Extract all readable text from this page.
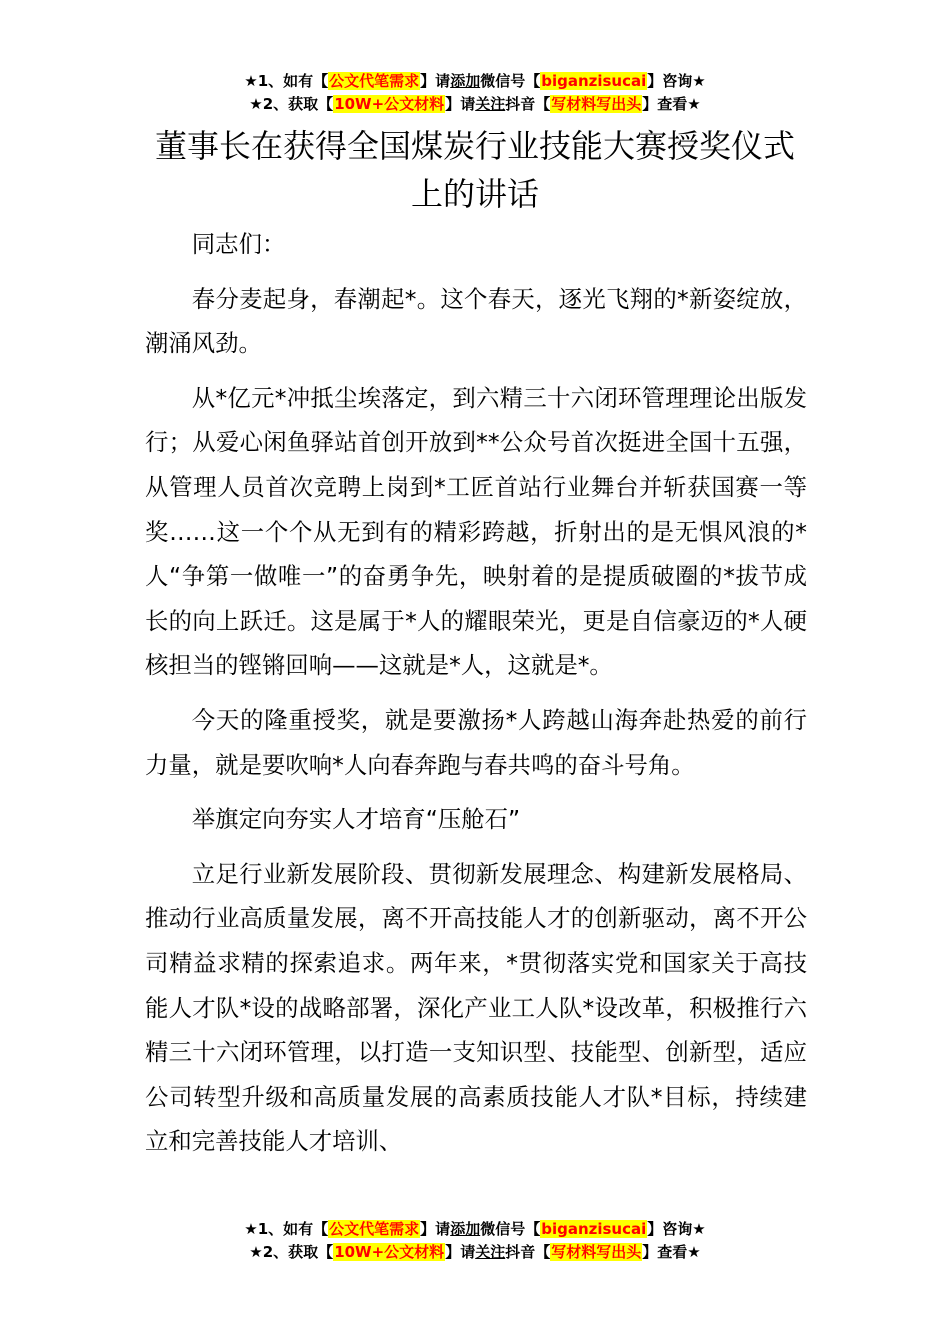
★1、如有【公文代笔需求】请添加微信号【biganzisucai】咨询★
★2、获取【10W+公文材料】请关注抖音【写材料写出头】查看★
董事长在获得全国煤炭行业技能大赛授奖仪式上的讲话

同志们：

春分麦起身，春潮起*。这个春天，逐光飞翔的*新姿绽放，潮涌风劲。

从*亿元*冲抵尘埃落定，到六精三十六闭环管理理论出版发行；从爱心闲鱼驿站首创开放到**公众号首次挺进全国十五强，从管理人员首次竞聘上岗到*工匠首站行业舞台并斩获国赛一等奖……这一个个从无到有的精彩跨越，折射出的是无惧风浪的*人“争第一做唯一”的奋勇争先，映射着的是提质破圈的*拔节成长的向上跃迁。这是属于*人的耀眼荣光，更是自信豪迈的*人硬核担当的铿锵回响——这就是*人，这就是*。

今天的隆重授奖，就是要激扬*人跨越山海奔赴热爱的前行力量，就是要吹响*人向春奔跑与春共鸣的奋斗号角。

举旗定向夯实人才培育“压舱石”

立足行业新发展阶段、贯彻新发展理念、构建新发展格局、推动行业高质量发展，离不开高技能人才的创新驱动，离不开公司精益求精的探索追求。两年来，*贯彻落实党和国家关于高技能人才队*设的战略部署，深化产业工人队*设改革，积极推行六精三十六闭环管理，以打造一支知识型、技能型、创新型，适应公司转型升级和高质量发展的高素质技能人才队*目标，持续建立和完善技能人才培训、

★1、如有【公文代笔需求】请添加微信号【biganzisucai】咨询★
★2、获取【10W+公文材料】请关注抖音【写材料写出头】查看★
